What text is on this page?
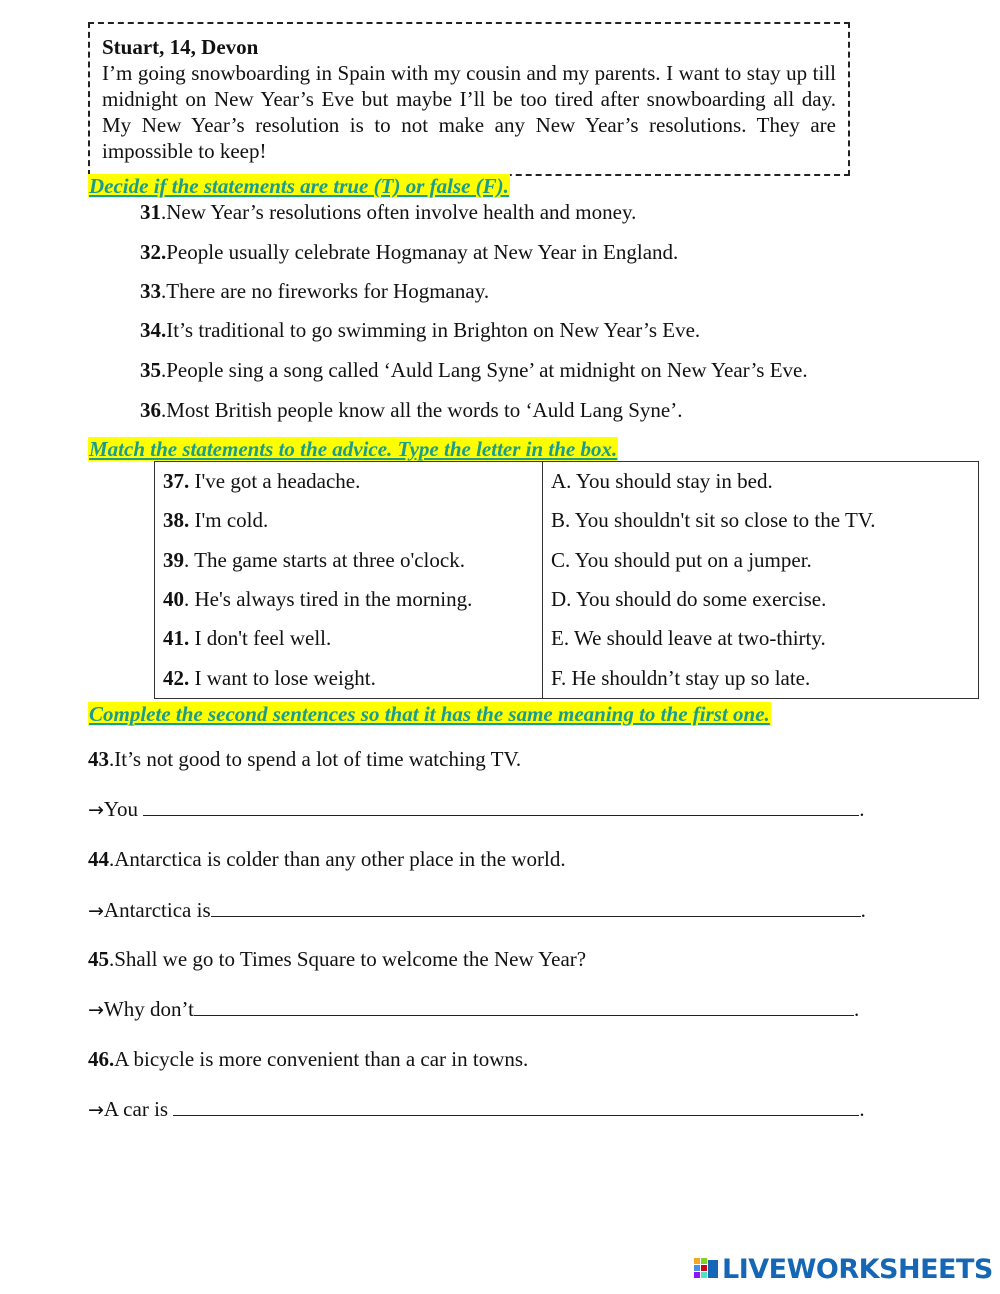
Stuart, 14, Devon

I’m going snowboarding in Spain with my cousin and my parents. I want to stay up till midnight on New Year’s Eve but maybe I’ll be too tired after snowboarding all day. My New Year’s resolution is to not make any New Year’s resolutions. They are impossible to keep!

Decide if the statements are true (T) or false (F).
31.New Year’s resolutions often involve health and money.
32.People usually celebrate Hogmanay at New Year in England.
33.There are no fireworks for Hogmanay.
34.It’s traditional to go swimming in Brighton on New Year’s Eve.
35.People sing a song called ‘Auld Lang Syne’ at midnight on New Year’s Eve.
36.Most British people know all the words to ‘Auld Lang Syne’.
Match the statements to the advice. Type the letter in the box.
37. I've got a headache.	A. You should stay in bed.
38. I'm cold.	B. You shouldn't sit so close to the TV.
39. The game starts at three o'clock.	C. You should put on a jumper.
40. He's always tired in the morning.	D. You should do some exercise.
41. I don't feel well.	E. We should leave at two-thirty.
42. I want to lose weight.	F. He shouldn’t stay up so late.
Complete the second sentences so that it has the same meaning to the first one.
43.It’s not good to spend a lot of time watching TV.
→You	.
44.Antarctica is colder than any other place in the world.
→Antarctica is	.
45.Shall we go to Times Square to welcome the New Year?
→Why don’t	.
46.A bicycle is more convenient than a car in towns.
→A car is	.
LIVEWORKSHEETS
